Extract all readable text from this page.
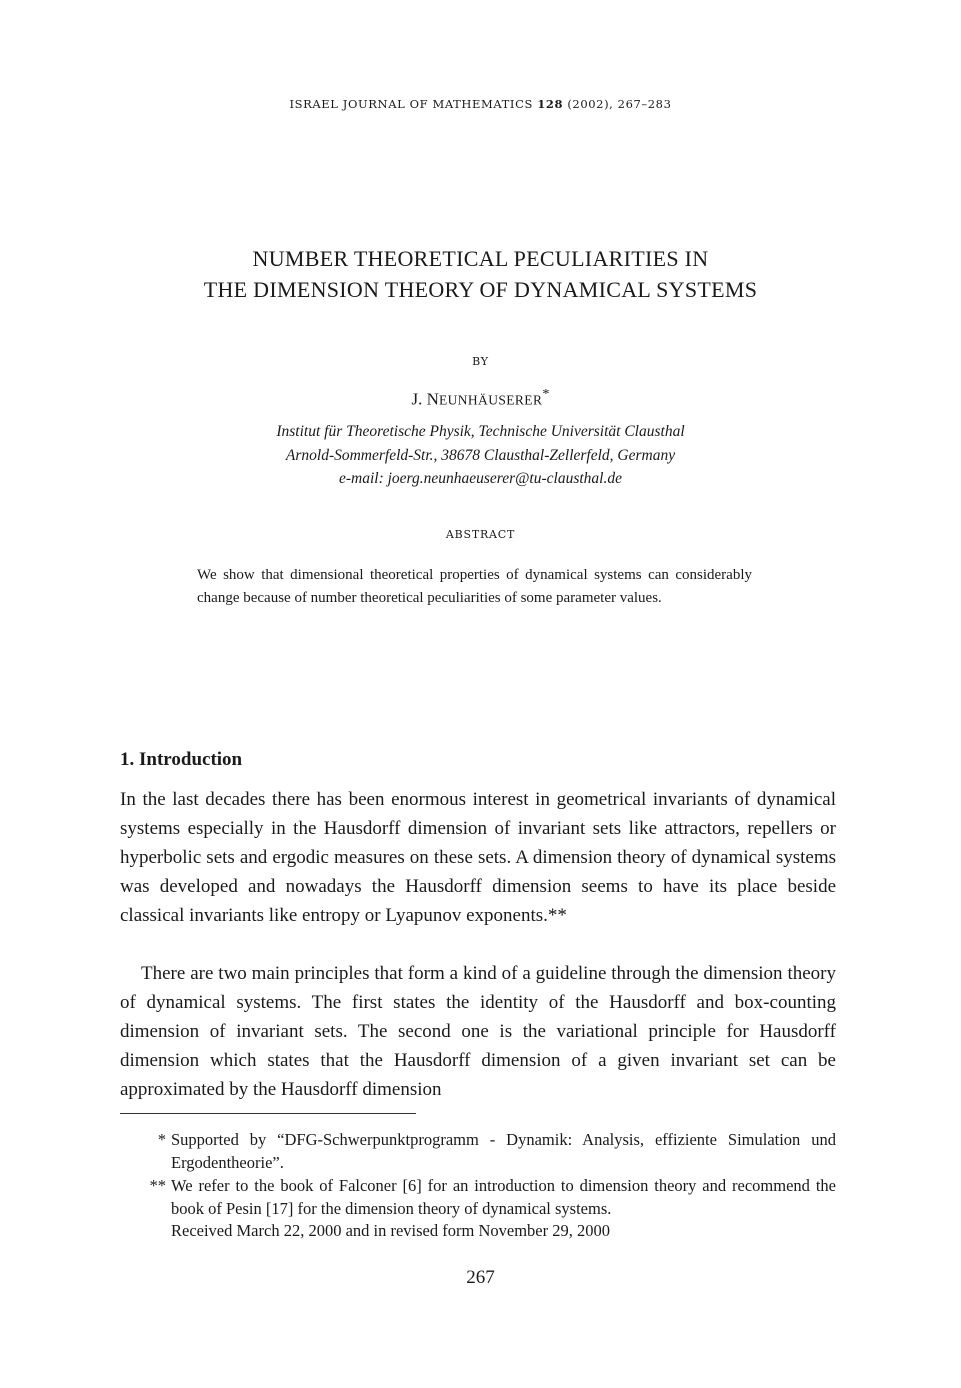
ISRAEL JOURNAL OF MATHEMATICS 128 (2002), 267–283
NUMBER THEORETICAL PECULIARITIES IN
THE DIMENSION THEORY OF DYNAMICAL SYSTEMS
BY
J. NEUNHÄUSERER*
Institut für Theoretische Physik, Technische Universität Clausthal
Arnold-Sommerfeld-Str., 38678 Clausthal-Zellerfeld, Germany
e-mail: joerg.neunhaeuserer@tu-clausthal.de
ABSTRACT
We show that dimensional theoretical properties of dynamical systems can considerably change because of number theoretical peculiarities of some parameter values.
1. Introduction

In the last decades there has been enormous interest in geometrical invariants of dynamical systems especially in the Hausdorff dimension of invariant sets like attractors, repellers or hyperbolic sets and ergodic measures on these sets. A dimension theory of dynamical systems was developed and nowadays the Hausdorff dimension seems to have its place beside classical invariants like entropy or Lyapunov exponents.**

There are two main principles that form a kind of a guideline through the dimension theory of dynamical systems. The first states the identity of the Hausdorff and box-counting dimension of invariant sets. The second one is the variational principle for Hausdorff dimension which states that the Hausdorff dimension of a given invariant set can be approximated by the Hausdorff dimension

* Supported by “DFG-Schwerpunktprogramm - Dynamik: Analysis, effiziente Simulation und Ergodentheorie”.
** We refer to the book of Falconer [6] for an introduction to dimension theory and recommend the book of Pesin [17] for the dimension theory of dynamical systems.
Received March 22, 2000 and in revised form November 29, 2000
267
